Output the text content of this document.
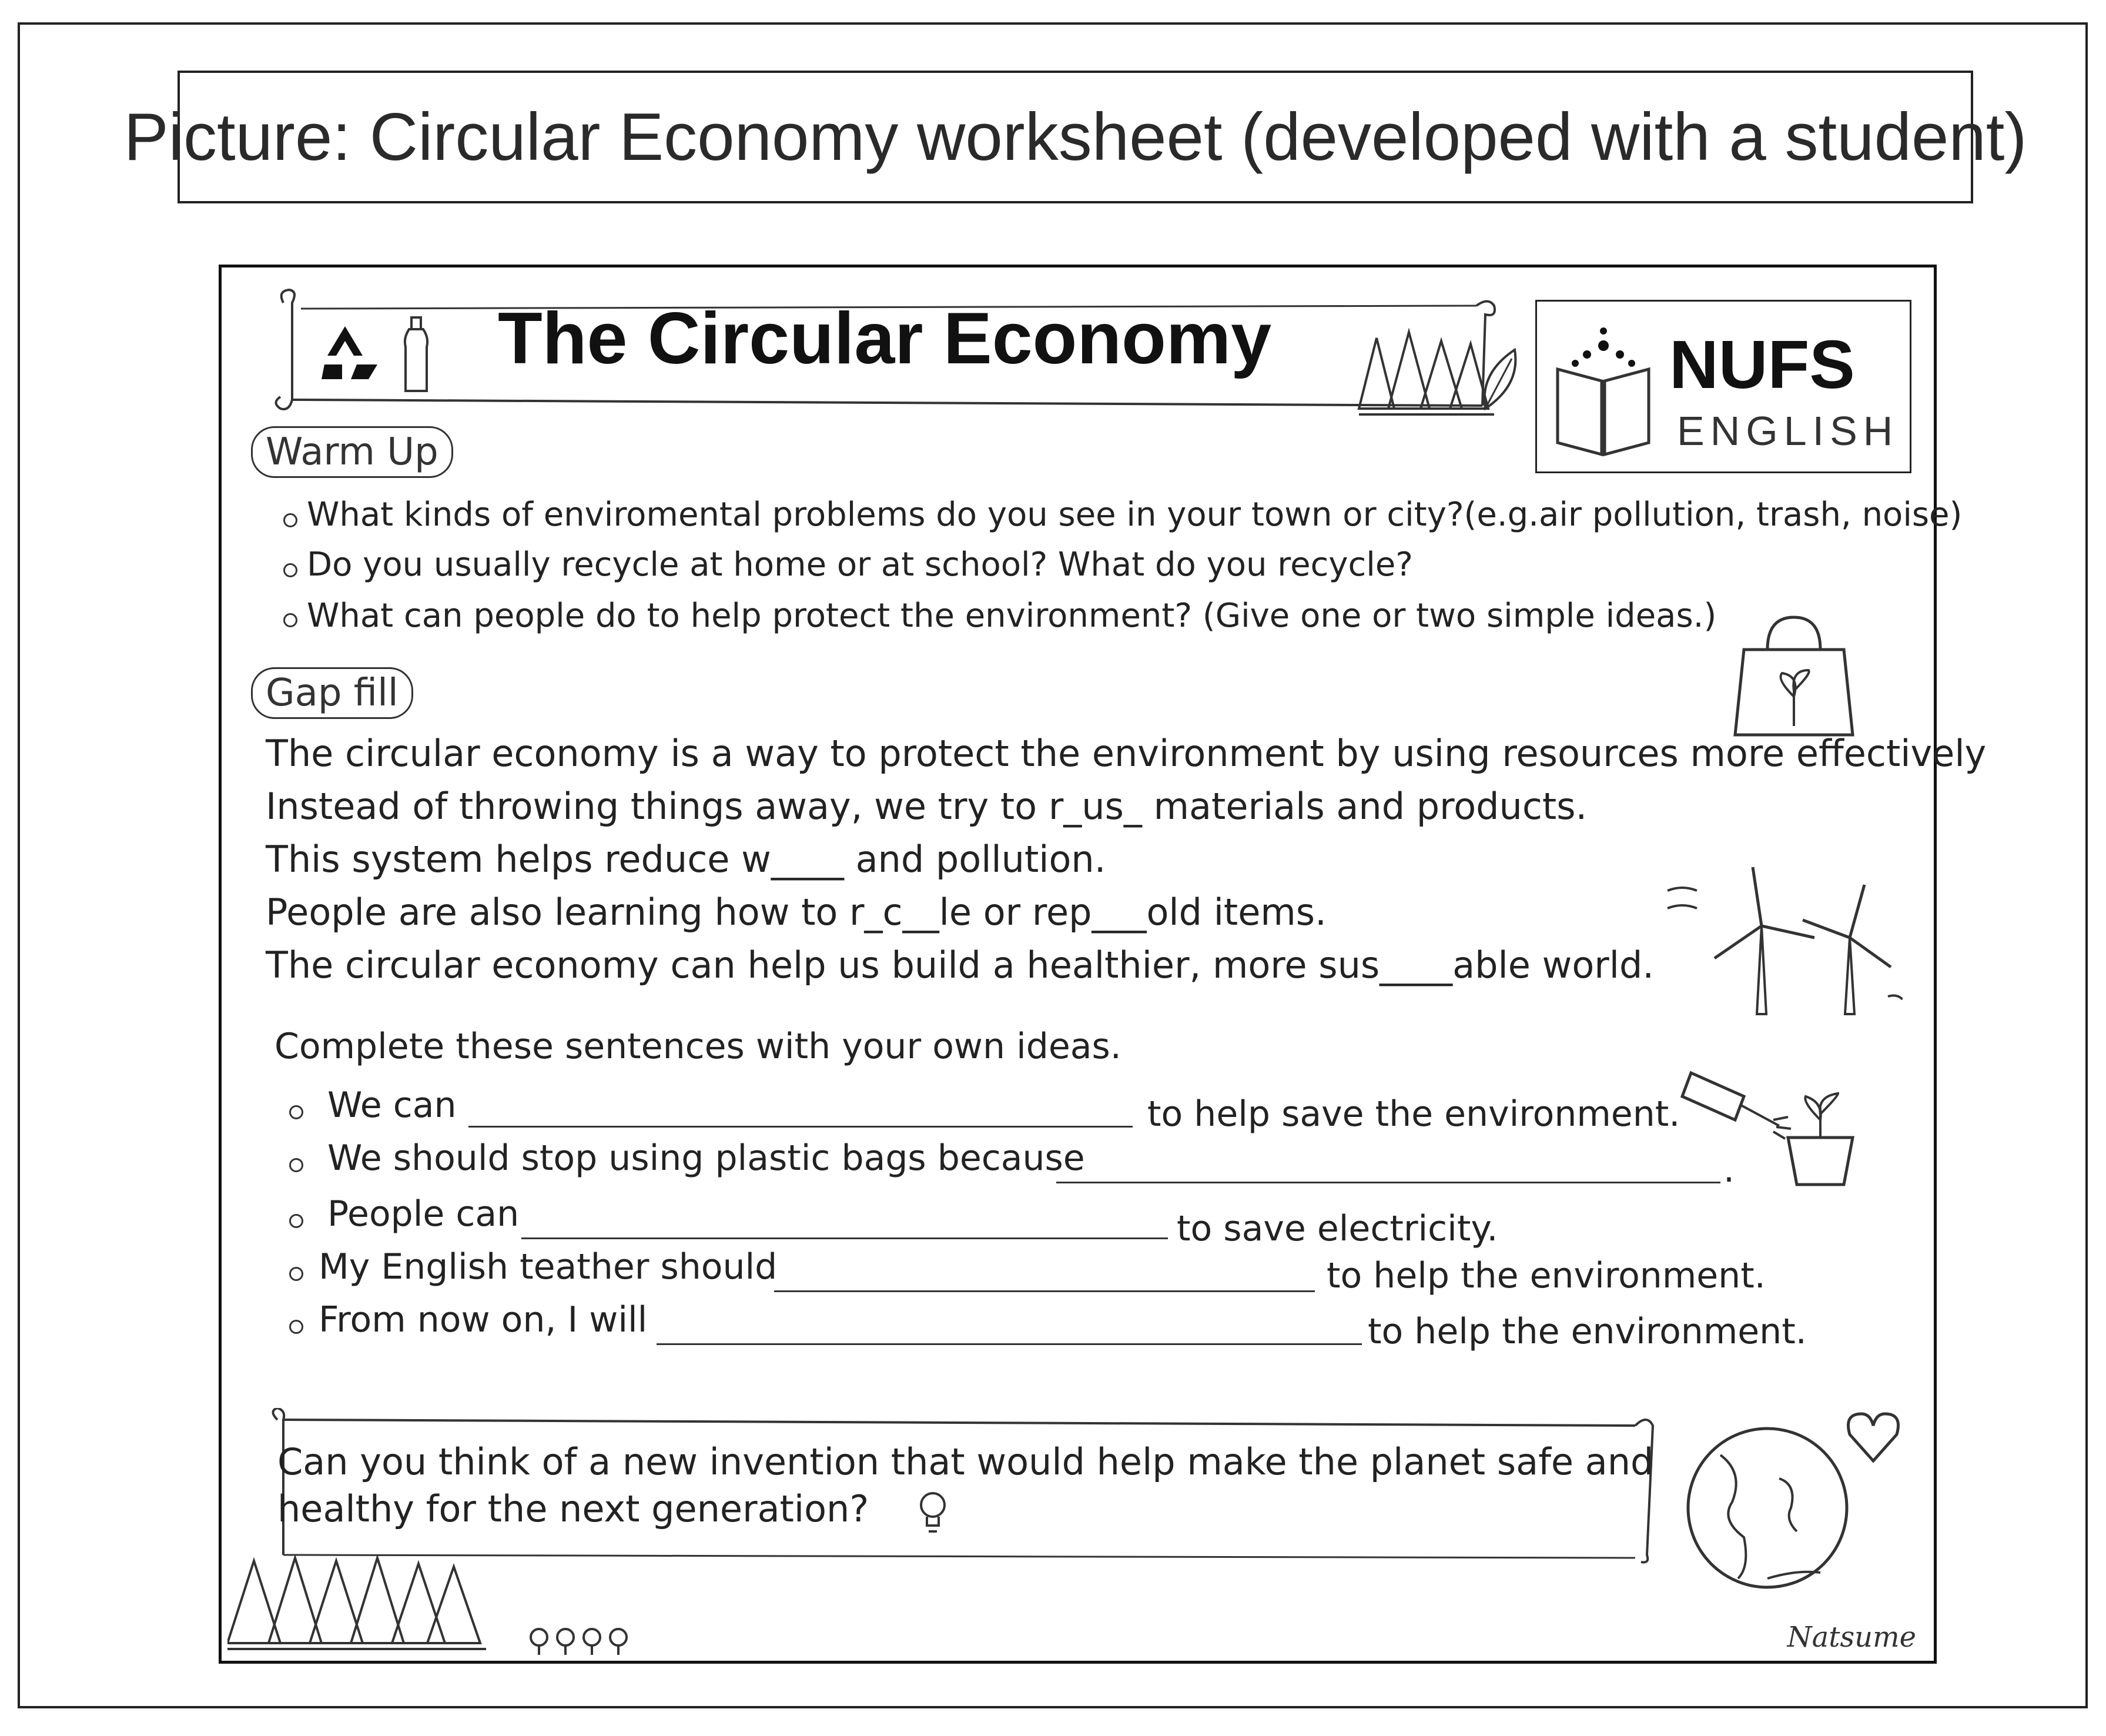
Picture: Circular Economy worksheet (developed with a student)
The Circular Economy	NUFS
ENGLISH
Warm Up
What kinds of enviromental problems do you see in your town or city?(e.g.air pollution, trash, noise)
Do you usually recycle at home or at school? What do you recycle?
What can people do to help protect the environment? (Give one or two simple ideas.)
Gap fill
The circular economy is a way to protect the environment by using resources more effectively
Instead of throwing things away, we try to r_us_ materials and products.
This system helps reduce w____ and pollution.
People are also learning how to r_c__le or rep___old items.
The circular economy can help us build a healthier, more sus____able world.
Complete these sentences with your own ideas.
We can	to help save the environment.
We should stop using plastic bags because	.
People can	to save electricity.
My English teather should	to help the environment.
From now on, I will	to help the environment.
Can you think of a new invention that would help make the planet safe and
healthy for the next generation?
Natsume
